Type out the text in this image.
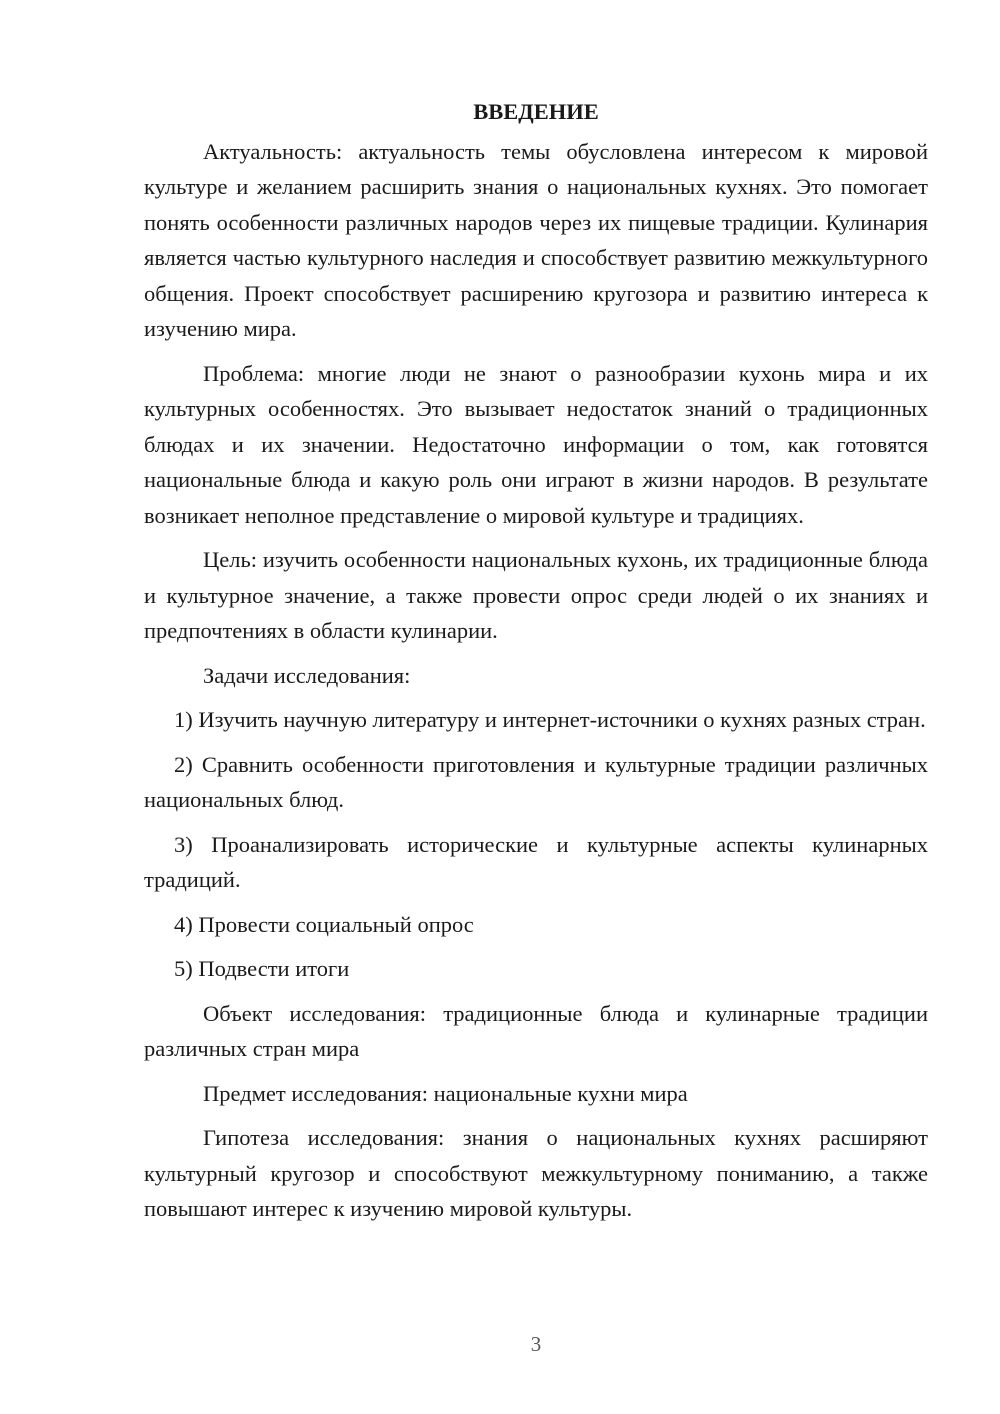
ВВЕДЕНИЕ

Актуальность: актуальность темы обусловлена интересом к мировой культуре и желанием расширить знания о национальных кухнях. Это помогает понять особенности различных народов через их пищевые традиции. Кулинария является частью культурного наследия и способствует развитию межкультурного общения. Проект способствует расширению кругозора и развитию интереса к изучению мира.

Проблема: многие люди не знают о разнообразии кухонь мира и их культурных особенностях. Это вызывает недостаток знаний о традиционных блюдах и их значении. Недостаточно информации о том, как готовятся национальные блюда и какую роль они играют в жизни народов. В результате возникает неполное представление о мировой культуре и традициях.

Цель: изучить особенности национальных кухонь, их традиционные блюда и культурное значение, а также провести опрос среди людей о их знаниях и предпочтениях в области кулинарии.

Задачи исследования:

1) Изучить научную литературу и интернет-источники о кухнях разных стран.

2) Сравнить особенности приготовления и культурные традиции различных национальных блюд.

3) Проанализировать исторические и культурные аспекты кулинарных традиций.

4) Провести социальный опрос

5) Подвести итоги

Объект исследования: традиционные блюда и кулинарные традиции различных стран мира

Предмет исследования: национальные кухни мира

Гипотеза исследования: знания о национальных кухнях расширяют культурный кругозор и способствуют межкультурному пониманию, а также повышают интерес к изучению мировой культуры.

3
